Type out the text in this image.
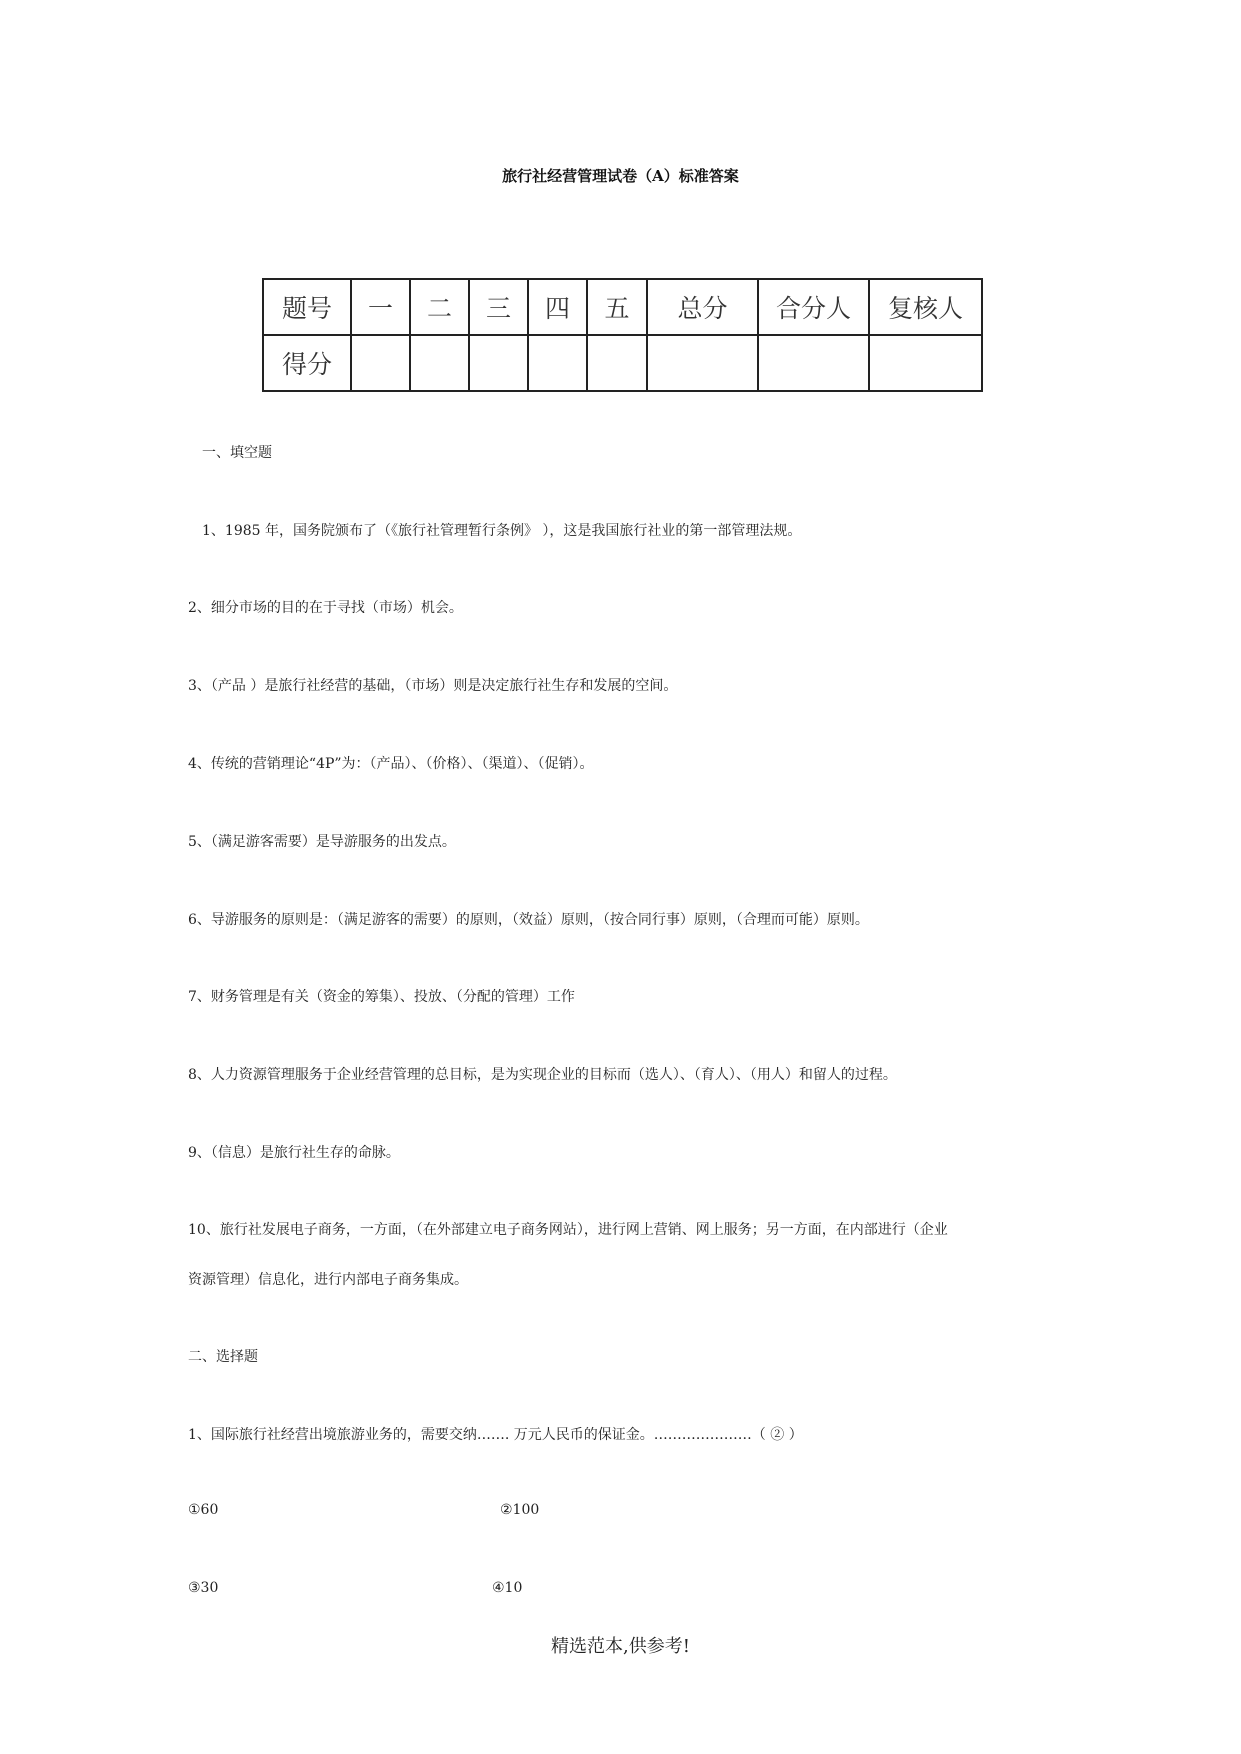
旅行社经营管理试卷（A）标准答案
题号	一	二	三	四	五	总分	合分人	复核人
得分								
一、填空题
1、1985 年，国务院颁布了（《旅行社管理暂行条例》 ），这是我国旅行社业的第一部管理法规。
2、细分市场的目的在于寻找（市场）机会。
3、（产品 ）是旅行社经营的基础，（市场）则是决定旅行社生存和发展的空间。
4、传统的营销理论“4P”为：（产品）、（价格）、（渠道）、（促销）。
5、（满足游客需要）是导游服务的出发点。
6、导游服务的原则是：（满足游客的需要）的原则，（效益）原则，（按合同行事）原则，（合理而可能）原则。
7、财务管理是有关（资金的筹集）、投放、（分配的管理）工作
8、人力资源管理服务于企业经营管理的总目标，是为实现企业的目标而（选人）、（育人）、（用人）和留人的过程。
9、（信息）是旅行社生存的命脉。
10、旅行社发展电子商务，一方面，（在外部建立电子商务网站），进行网上营销、网上服务；另一方面，在内部进行（企业
资源管理）信息化，进行内部电子商务集成。
二、选择题
1、国际旅行社经营出境旅游业务的，需要交纳……. 万元人民币的保证金。…………………（ ② ）
①60	②100
③30	④10
精选范本,供参考!
